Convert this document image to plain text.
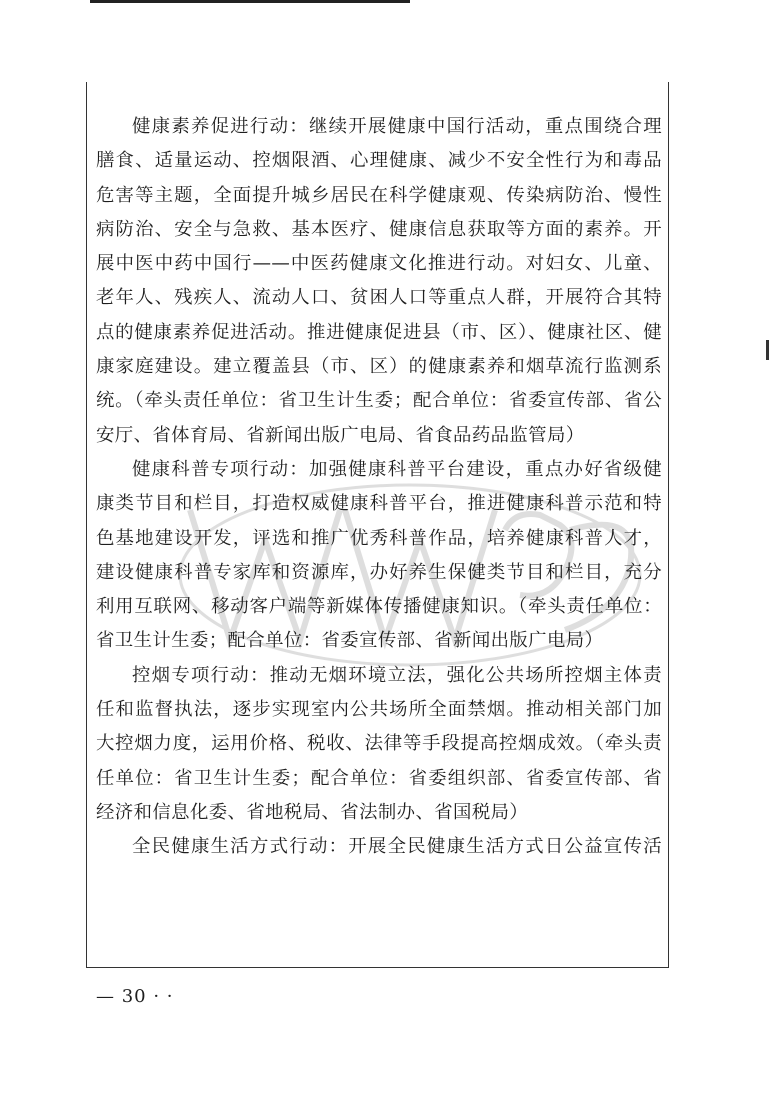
健康素养促进行动：继续开展健康中国行活动，重点围绕合理
膳食、适量运动、控烟限酒、心理健康、减少不安全性行为和毒品
危害等主题，全面提升城乡居民在科学健康观、传染病防治、慢性
病防治、安全与急救、基本医疗、健康信息获取等方面的素养。开
展中医中药中国行——中医药健康文化推进行动。对妇女、儿童、
老年人、残疾人、流动人口、贫困人口等重点人群，开展符合其特
点的健康素养促进活动。推进健康促进县（市、区）、健康社区、健
康家庭建设。建立覆盖县（市、区）的健康素养和烟草流行监测系
统。（牵头责任单位：省卫生计生委；配合单位：省委宣传部、省公
安厅、省体育局、省新闻出版广电局、省食品药品监管局）

健康科普专项行动：加强健康科普平台建设，重点办好省级健
康类节目和栏目，打造权威健康科普平台，推进健康科普示范和特
色基地建设开发，评选和推广优秀科普作品，培养健康科普人才，
建设健康科普专家库和资源库，办好养生保健类节目和栏目，充分
利用互联网、移动客户端等新媒体传播健康知识。（牵头责任单位：
省卫生计生委；配合单位：省委宣传部、省新闻出版广电局）

控烟专项行动：推动无烟环境立法，强化公共场所控烟主体责
任和监督执法，逐步实现室内公共场所全面禁烟。推动相关部门加
大控烟力度，运用价格、税收、法律等手段提高控烟成效。（牵头责
任单位：省卫生计生委；配合单位：省委组织部、省委宣传部、省
经济和信息化委、省地税局、省法制办、省国税局）

全民健康生活方式行动：开展全民健康生活方式日公益宣传活

— 30 · ·
